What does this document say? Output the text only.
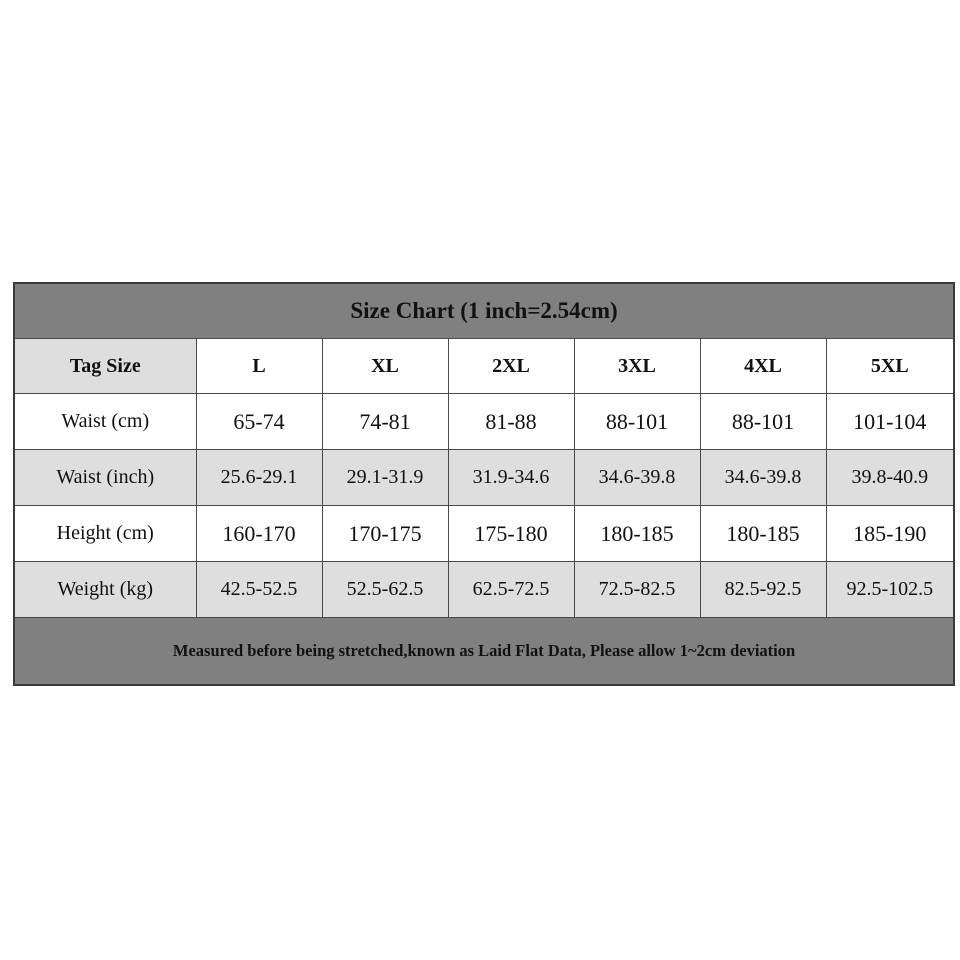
Size Chart (1 inch=2.54cm)						
Tag Size	L	XL	2XL	3XL	4XL	5XL
Waist (cm)	65-74	74-81	81-88	88-101	88-101	101-104
Waist (inch)	25.6-29.1	29.1-31.9	31.9-34.6	34.6-39.8	34.6-39.8	39.8-40.9
Height (cm)	160-170	170-175	175-180	180-185	180-185	185-190
Weight (kg)	42.5-52.5	52.5-62.5	62.5-72.5	72.5-82.5	82.5-92.5	92.5-102.5
Measured before being stretched,known as Laid Flat Data, Please allow 1~2cm deviation						
